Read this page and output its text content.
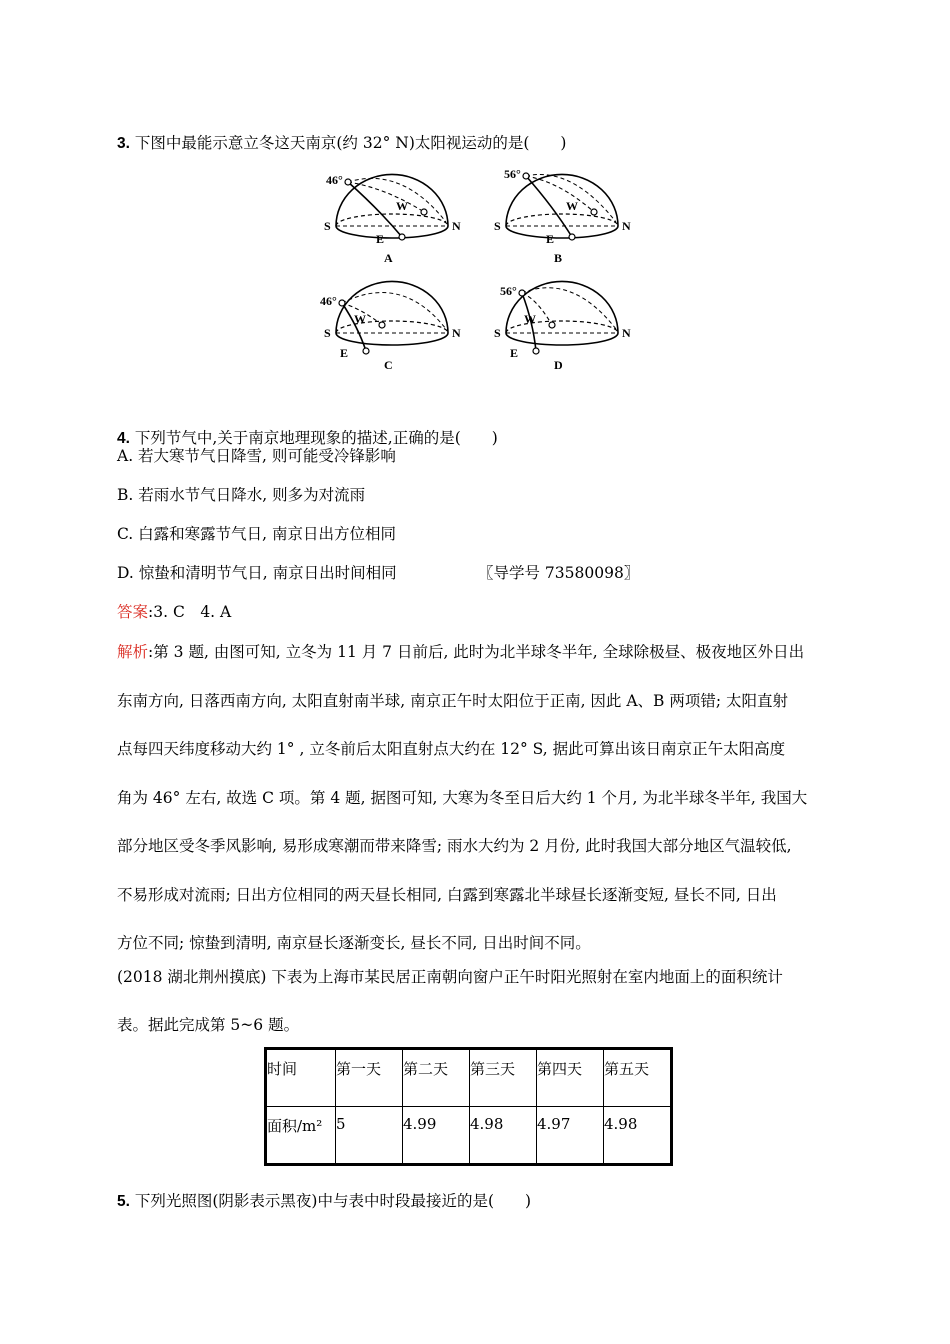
3. 下图中最能示意立冬这天南京(约 32° N)太阳视运动的是(　　)
46°
S	N
W
E
A
56°
S	N
W
E
B
46°
S	N
W
E
C
56°
S	N
W
E
D
4. 下列节气中,关于南京地理现象的描述,正确的是(　　)
A. 若大寒节气日降雪, 则可能受冷锋影响
B. 若雨水节气日降水, 则多为对流雨
C. 白露和寒露节气日, 南京日出方位相同
D. 惊蛰和清明节气日, 南京日出时间相同	〖导学号 73580098〗
答案:3. C　4. A
解析:第 3 题, 由图可知, 立冬为 11 月 7 日前后, 此时为北半球冬半年, 全球除极昼、极夜地区外日出
东南方向, 日落西南方向, 太阳直射南半球, 南京正午时太阳位于正南, 因此 A、B 两项错; 太阳直射
点每四天纬度移动大约 1° , 立冬前后太阳直射点大约在 12° S, 据此可算出该日南京正午太阳高度
角为 46° 左右, 故选 C 项。第 4 题, 据图可知, 大寒为冬至日后大约 1 个月, 为北半球冬半年, 我国大
部分地区受冬季风影响, 易形成寒潮而带来降雪; 雨水大约为 2 月份, 此时我国大部分地区气温较低,
不易形成对流雨; 日出方位相同的两天昼长相同, 白露到寒露北半球昼长逐渐变短, 昼长不同, 日出
方位不同; 惊蛰到清明, 南京昼长逐渐变长, 昼长不同, 日出时间不同。
(2018 湖北荆州摸底) 下表为上海市某民居正南朝向窗户正午时阳光照射在室内地面上的面积统计
表。据此完成第 5~6 题。
时间	第一天	第二天	第三天	第四天	第五天
面积/m²	5	4.99	4.98	4.97	4.98
5. 下列光照图(阴影表示黑夜)中与表中时段最接近的是(　　)
